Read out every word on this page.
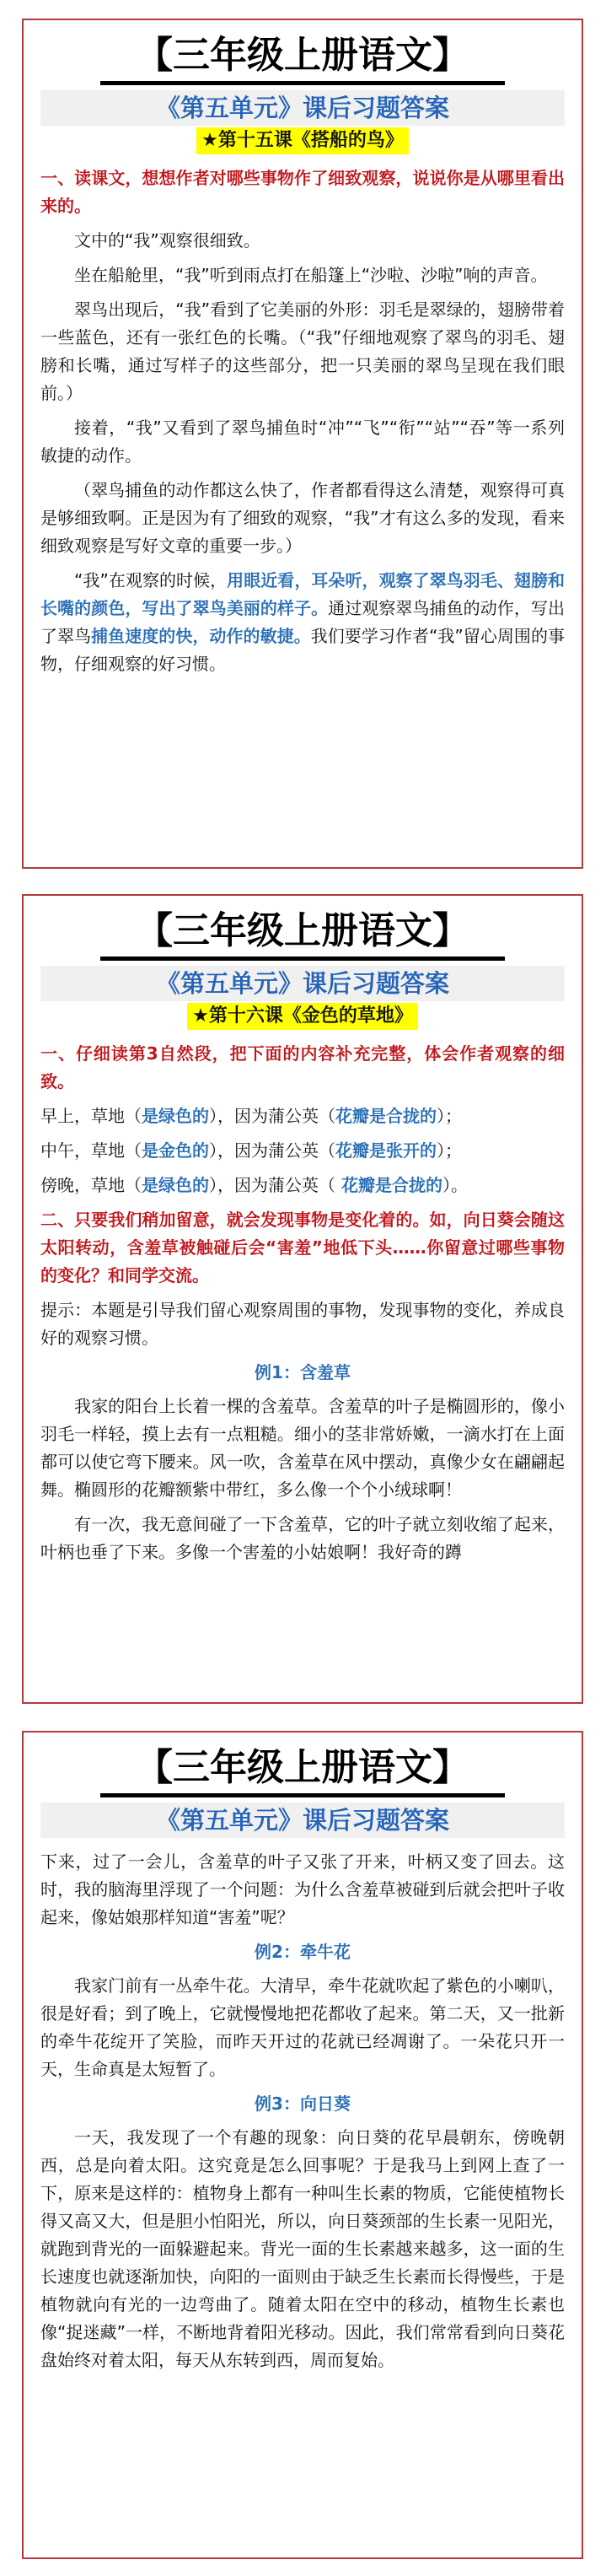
【三年级上册语文】
《第五单元》课后习题答案
★第十五课《搭船的鸟》

一、读课文，想想作者对哪些事物作了细致观察，说说你是从哪里看出来的。

文中的“我”观察很细致。

坐在船舱里，“我”听到雨点打在船篷上“沙啦、沙啦”响的声音。

翠鸟出现后，“我”看到了它美丽的外形：羽毛是翠绿的，翅膀带着一些蓝色，还有一张红色的长嘴。（“我”仔细地观察了翠鸟的羽毛、翅膀和长嘴，通过写样子的这些部分，把一只美丽的翠鸟呈现在我们眼前。）

接着，“我”又看到了翠鸟捕鱼时“冲”“飞”“衔”“站”“吞”等一系列敏捷的动作。

（翠鸟捕鱼的动作都这么快了，作者都看得这么清楚，观察得可真是够细致啊。正是因为有了细致的观察，“我”才有这么多的发现，看来细致观察是写好文章的重要一步。）

“我”在观察的时候，用眼近看，耳朵听，观察了翠鸟羽毛、翅膀和长嘴的颜色，写出了翠鸟美丽的样子。通过观察翠鸟捕鱼的动作，写出了翠鸟捕鱼速度的快，动作的敏捷。我们要学习作者“我”留心周围的事物，仔细观察的好习惯。

【三年级上册语文】
《第五单元》课后习题答案
★第十六课《金色的草地》

一、仔细读第3自然段，把下面的内容补充完整，体会作者观察的细致。

早上，草地（是绿色的），因为蒲公英（花瓣是合拢的）；

中午，草地（是金色的），因为蒲公英（花瓣是张开的）；

傍晚，草地（是绿色的），因为蒲公英（ 花瓣是合拢的）。

二、只要我们稍加留意，就会发现事物是变化着的。如，向日葵会随这太阳转动，含羞草被触碰后会“害羞”地低下头……你留意过哪些事物的变化？和同学交流。

提示：本题是引导我们留心观察周围的事物，发现事物的变化，养成良好的观察习惯。

例1：含羞草

我家的阳台上长着一棵的含羞草。含羞草的叶子是椭圆形的，像小羽毛一样轻，摸上去有一点粗糙。细小的茎非常娇嫩，一滴水打在上面都可以使它弯下腰来。风一吹，含羞草在风中摆动，真像少女在翩翩起舞。椭圆形的花瓣额紫中带红，多么像一个个小绒球啊！

有一次，我无意间碰了一下含羞草，它的叶子就立刻收缩了起来，叶柄也垂了下来。多像一个害羞的小姑娘啊！我好奇的蹲

【三年级上册语文】
《第五单元》课后习题答案

下来，过了一会儿，含羞草的叶子又张了开来，叶柄又变了回去。这时，我的脑海里浮现了一个问题：为什么含羞草被碰到后就会把叶子收起来，像姑娘那样知道“害羞”呢？

例2：牵牛花

我家门前有一丛牵牛花。大清早，牵牛花就吹起了紫色的小喇叭，很是好看；到了晚上，它就慢慢地把花都收了起来。第二天，又一批新的牵牛花绽开了笑脸，而昨天开过的花就已经凋谢了。一朵花只开一天，生命真是太短暂了。

例3：向日葵

一天，我发现了一个有趣的现象：向日葵的花早晨朝东，傍晚朝西，总是向着太阳。这究竟是怎么回事呢？于是我马上到网上查了一下，原来是这样的：植物身上都有一种叫生长素的物质，它能使植物长得又高又大，但是胆小怕阳光，所以，向日葵颈部的生长素一见阳光，就跑到背光的一面躲避起来。背光一面的生长素越来越多，这一面的生长速度也就逐渐加快，向阳的一面则由于缺乏生长素而长得慢些，于是植物就向有光的一边弯曲了。随着太阳在空中的移动，植物生长素也像“捉迷藏”一样，不断地背着阳光移动。因此，我们常常看到向日葵花盘始终对着太阳，每天从东转到西，周而复始。
